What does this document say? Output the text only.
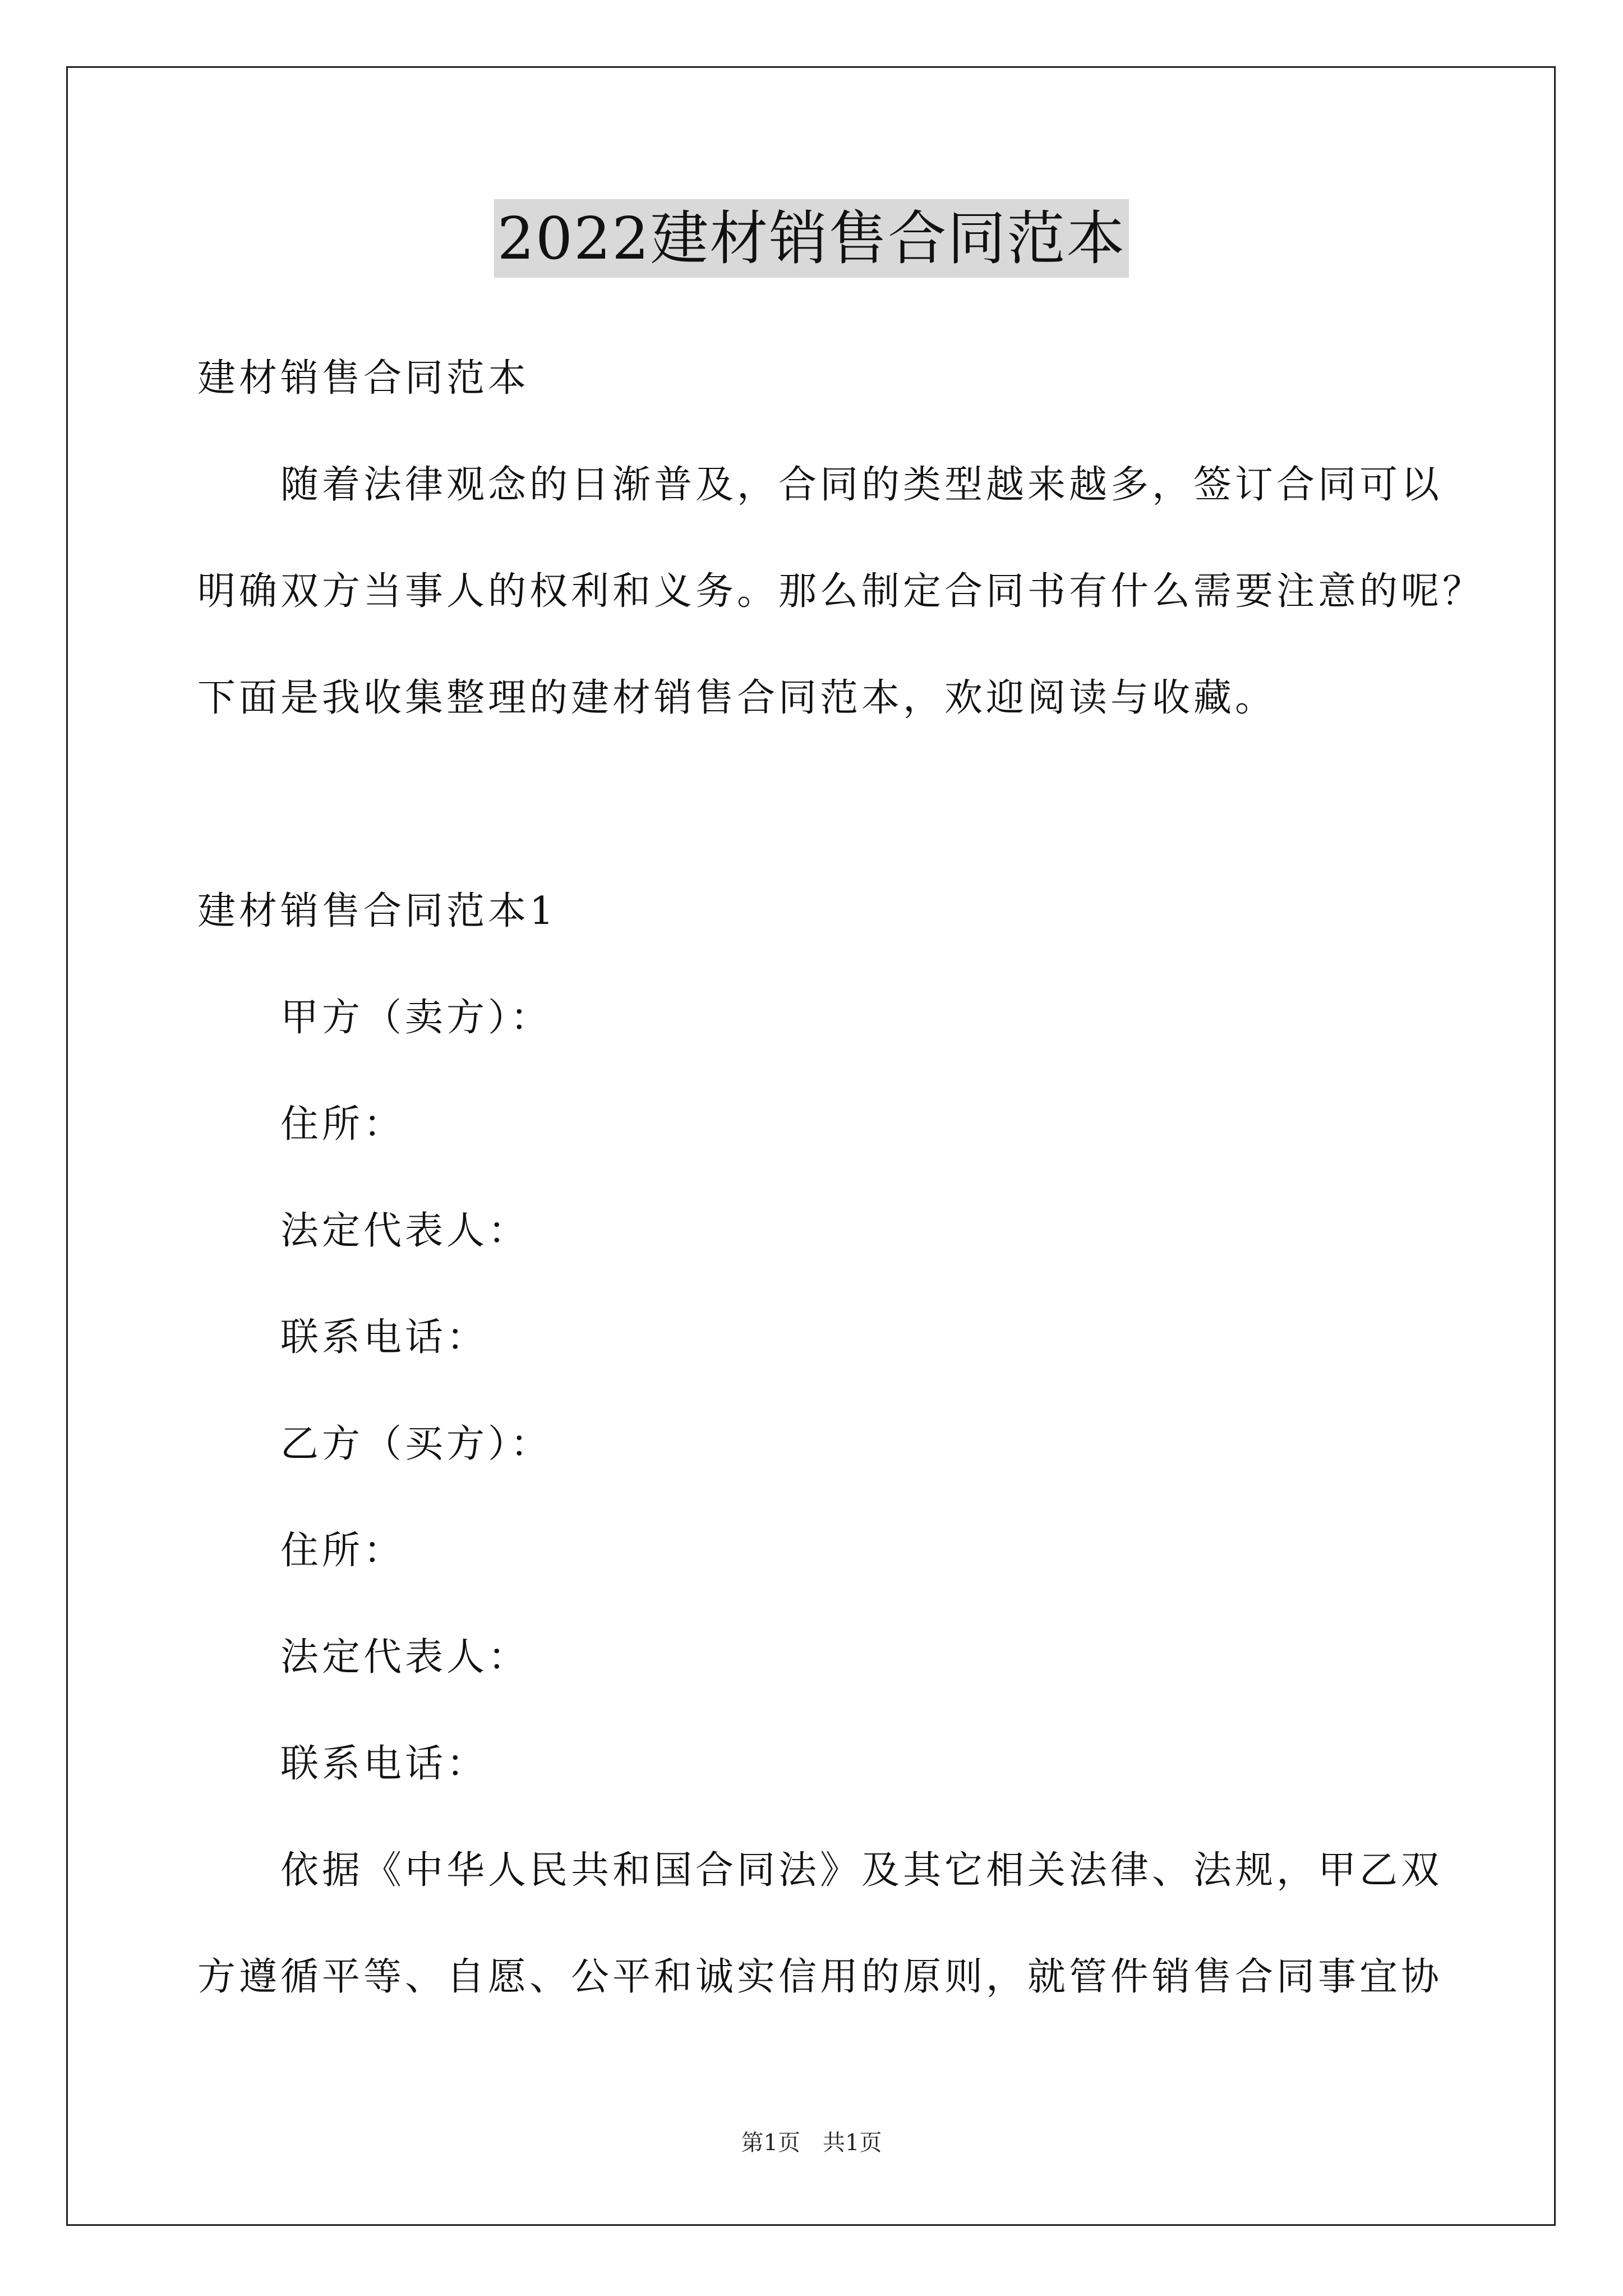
2022建材销售合同范本
建材销售合同范本
随着法律观念的日渐普及，合同的类型越来越多，签订合同可以
明确双方当事人的权利和义务。那么制定合同书有什么需要注意的呢？
下面是我收集整理的建材销售合同范本，欢迎阅读与收藏。
建材销售合同范本1
甲方（卖方）：
住所：
法定代表人：
联系电话：
乙方（买方）：
住所：
法定代表人：
联系电话：
依据《中华人民共和国合同法》及其它相关法律、法规，甲乙双
方遵循平等、自愿、公平和诚实信用的原则，就管件销售合同事宜协
第1页　共1页
